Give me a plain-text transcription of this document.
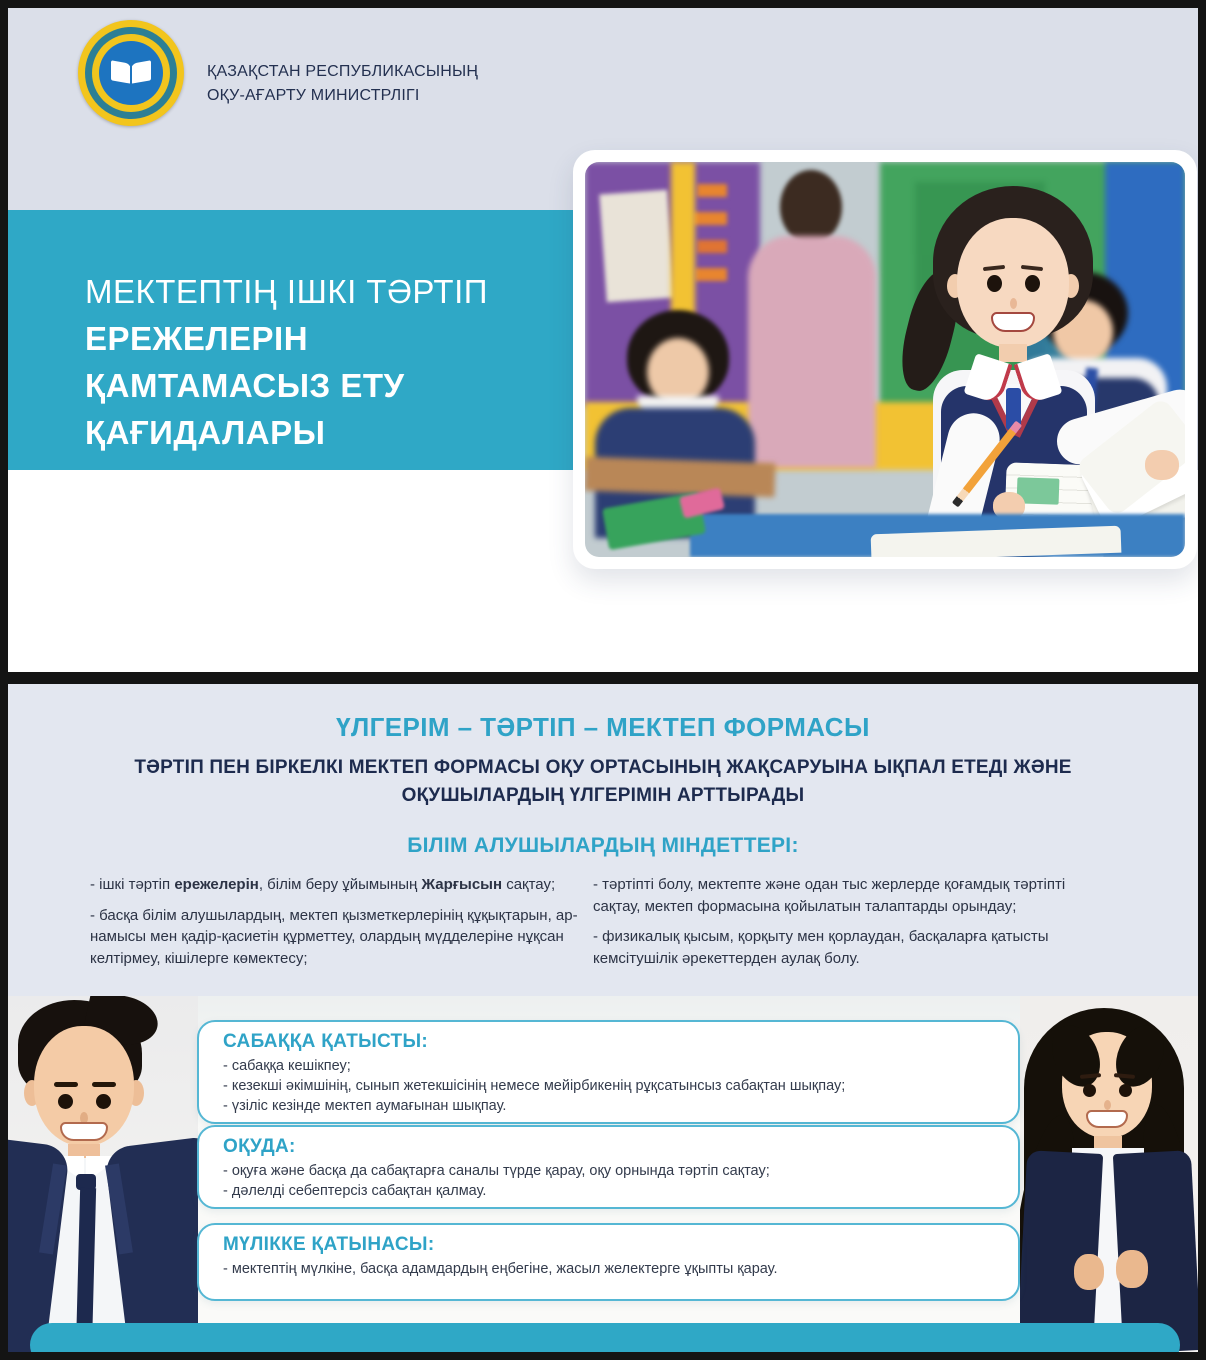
ҚАЗАҚСТАН РЕСПУБЛИКАСЫНЫҢ
ОҚУ-АҒАРТУ МИНИСТРЛІГІ
МЕКТЕПТІҢ ІШКІ ТӘРТІП
ЕРЕЖЕЛЕРІН
ҚАМТАМАСЫЗ ЕТУ
ҚАҒИДАЛАРЫ
ҮЛГЕРІМ – ТӘРТІП – МЕКТЕП ФОРМАСЫ
ТӘРТІП ПЕН БІРКЕЛКІ МЕКТЕП ФОРМАСЫ ОҚУ ОРТАСЫНЫҢ ЖАҚСАРУЫНА ЫҚПАЛ ЕТЕДІ ЖӘНЕ ОҚУШЫЛАРДЫҢ ҮЛГЕРІМІН АРТТЫРАДЫ
БІЛІМ АЛУШЫЛАРДЫҢ МІНДЕТТЕРІ:

- ішкі тәртіп ережелерін, білім беру ұйымының Жарғысын сақтау;

- басқа білім алушылардың, мектеп қызметкерлерінің құқықтарын, ар-намысы мен қадір-қасиетін құрметтеу, олардың мүдделеріне нұқсан келтірмеу, кішілерге көмектесу;

- тәртіпті болу, мектепте және одан тыс жерлерде қоғамдық тәртіпті сақтау, мектеп формасына қойылатын талаптарды орындау;

- физикалық қысым, қорқыту мен қорлаудан, басқаларға қатысты кемсітушілік әрекеттерден аулақ болу.

САБАҚҚА ҚАТЫСТЫ:
- сабаққа кешікпеу;
- кезекші әкімшінің, сынып жетекшісінің немесе мейірбикенің рұқсатынсыз сабақтан шықпау;
- үзіліс кезінде мектеп аумағынан шықпау.
ОҚУДА:
- оқуға және басқа да сабақтарға саналы түрде қарау, оқу орнында тәртіп сақтау;
- дәлелді себептерсіз сабақтан қалмау.
МҮЛІККЕ ҚАТЫНАСЫ:
- мектептің мүлкіне, басқа адамдардың еңбегіне, жасыл желектерге ұқыпты қарау.
